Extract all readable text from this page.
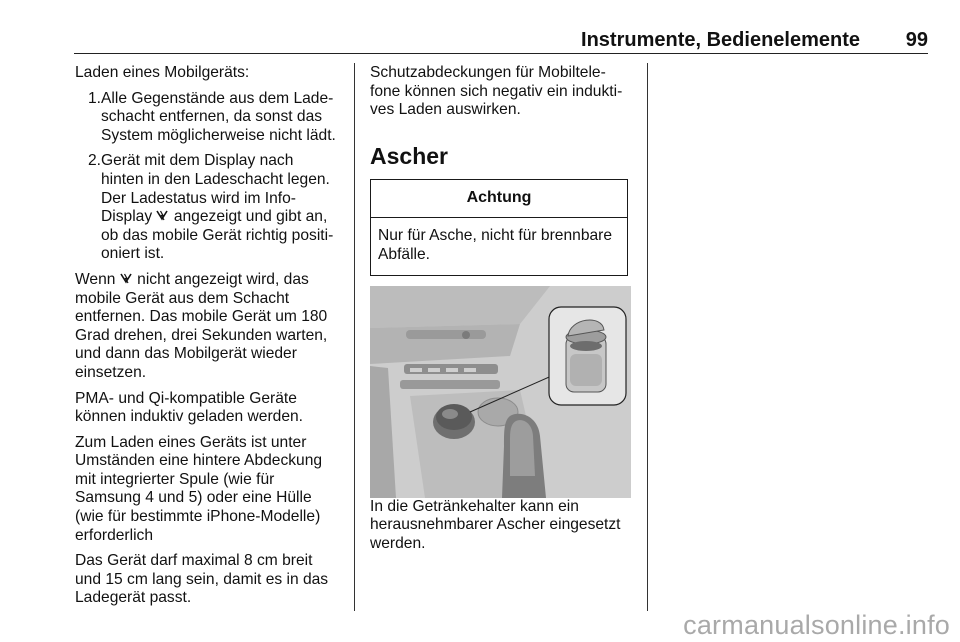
Instrumente, Bedienelemente	99

Laden eines Mobilgeräts:

1. Alle Gegenstände aus dem Lade-
schacht entfernen, da sonst das
System möglicherweise nicht lädt.
2. Gerät mit dem Display nach
hinten in den Ladeschacht legen.
Der Ladestatus wird im Info-
Display angezeigt und gibt an,
ob das mobile Gerät richtig positi-
oniert ist.

Wenn nicht angezeigt wird, das
mobile Gerät aus dem Schacht
entfernen. Das mobile Gerät um 180
Grad drehen, drei Sekunden warten,
und dann das Mobilgerät wieder
einsetzen.

PMA- und Qi-kompatible Geräte
können induktiv geladen werden.

Zum Laden eines Geräts ist unter
Umständen eine hintere Abdeckung
mit integrierter Spule (wie für
Samsung 4 und 5) oder eine Hülle
(wie für bestimmte iPhone-Modelle)
erforderlich

Das Gerät darf maximal 8 cm breit
und 15 cm lang sein, damit es in das
Ladegerät passt.

Schutzabdeckungen für Mobiltele-
fone können sich negativ ein indukti-
ves Laden auswirken.

Ascher
Achtung
Nur für Asche, nicht für brennbare
Abfälle.

In die Getränkehalter kann ein
herausnehmbarer Ascher eingesetzt
werden.

carmanualsonline.info
